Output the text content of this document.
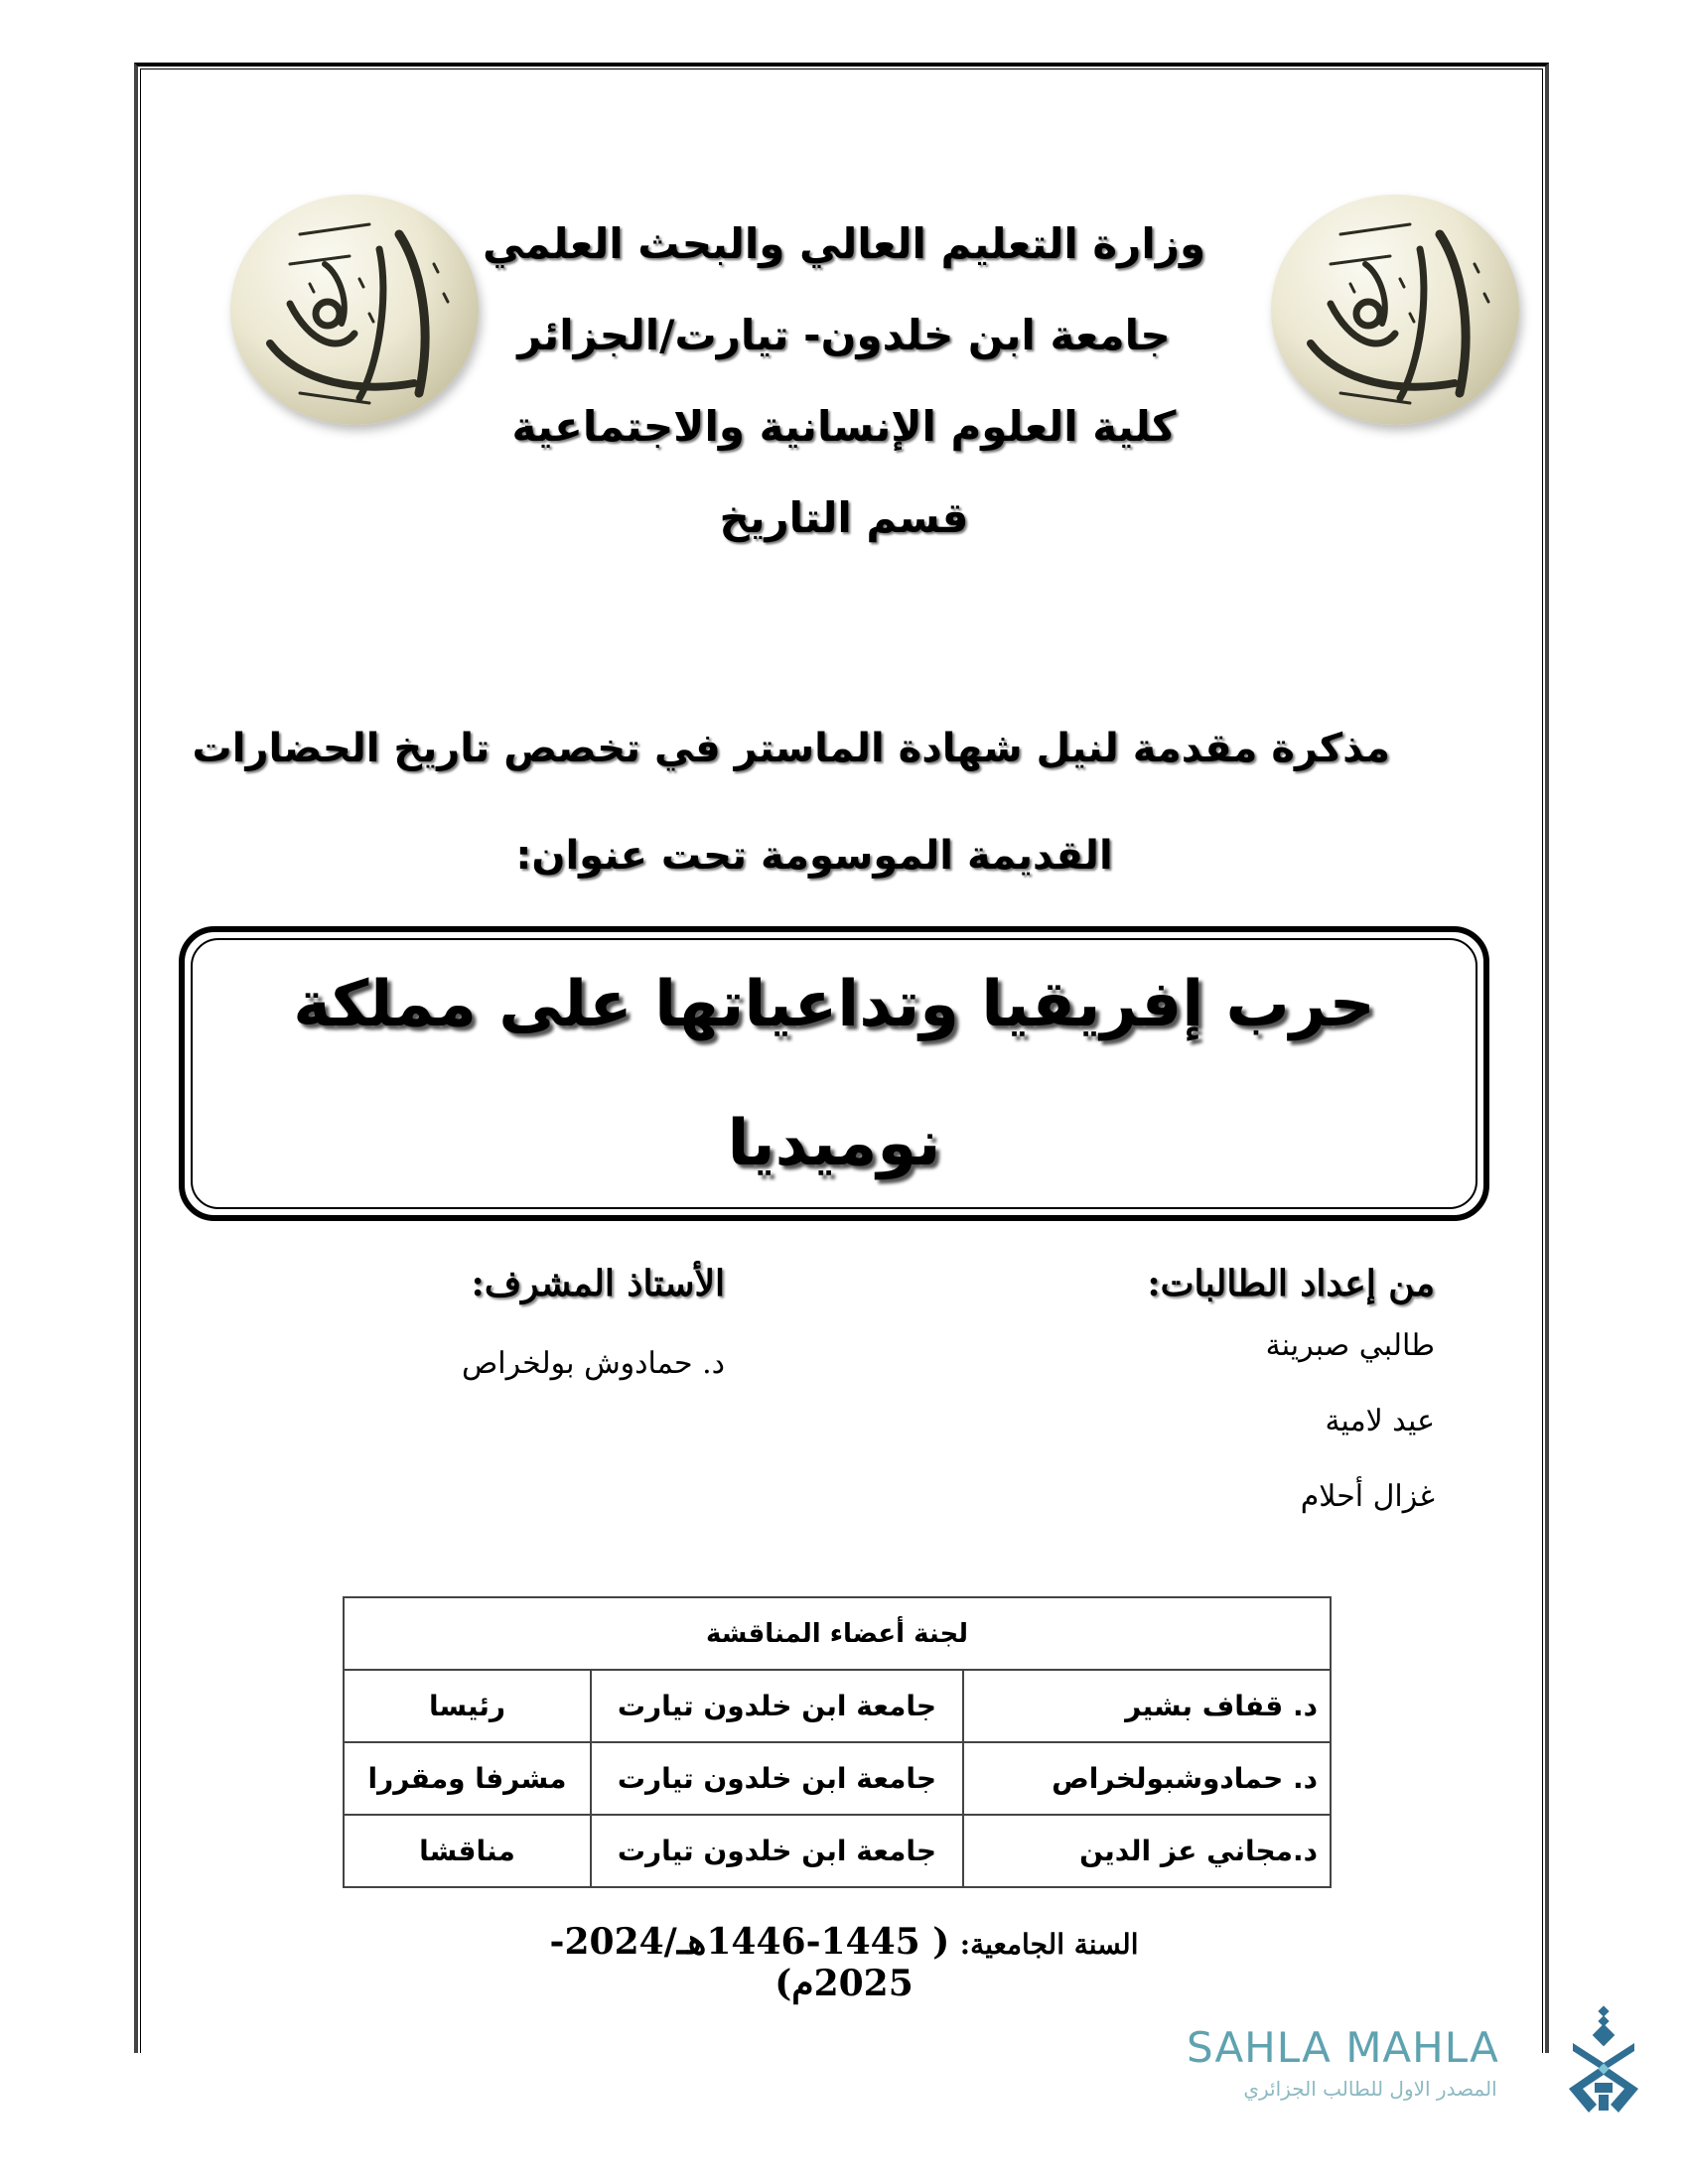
وزارة التعليم العالي والبحث العلمي
جامعة ابن خلدون- تيارت/الجزائر
كلية العلوم الإنسانية والاجتماعية
قسم التاريخ
مذكرة مقدمة لنيل شهادة الماستر في تخصص تاريخ الحضارات
القديمة الموسومة تحت عنوان:
حرب إفريقيا وتداعياتها على مملكة
نوميديا
من إعداد الطالبات:
طالبي صبرينة
عيد لامية
غزال أحلام
الأستاذ المشرف:
د. حمادوش بولخراص
لجنة أعضاء المناقشة		
د. قفاف بشير	جامعة ابن خلدون تيارت	رئيسا
د. حمادوشبولخراص	جامعة ابن خلدون تيارت	مشرفا ومقررا
د.مجاني عز الدين	جامعة ابن خلدون تيارت	مناقشا
السنة الجامعية: ( 1445-1446هـ/2024- 2025م)
SAHLA MAHLA
المصدر الاول للطالب الجزائري
